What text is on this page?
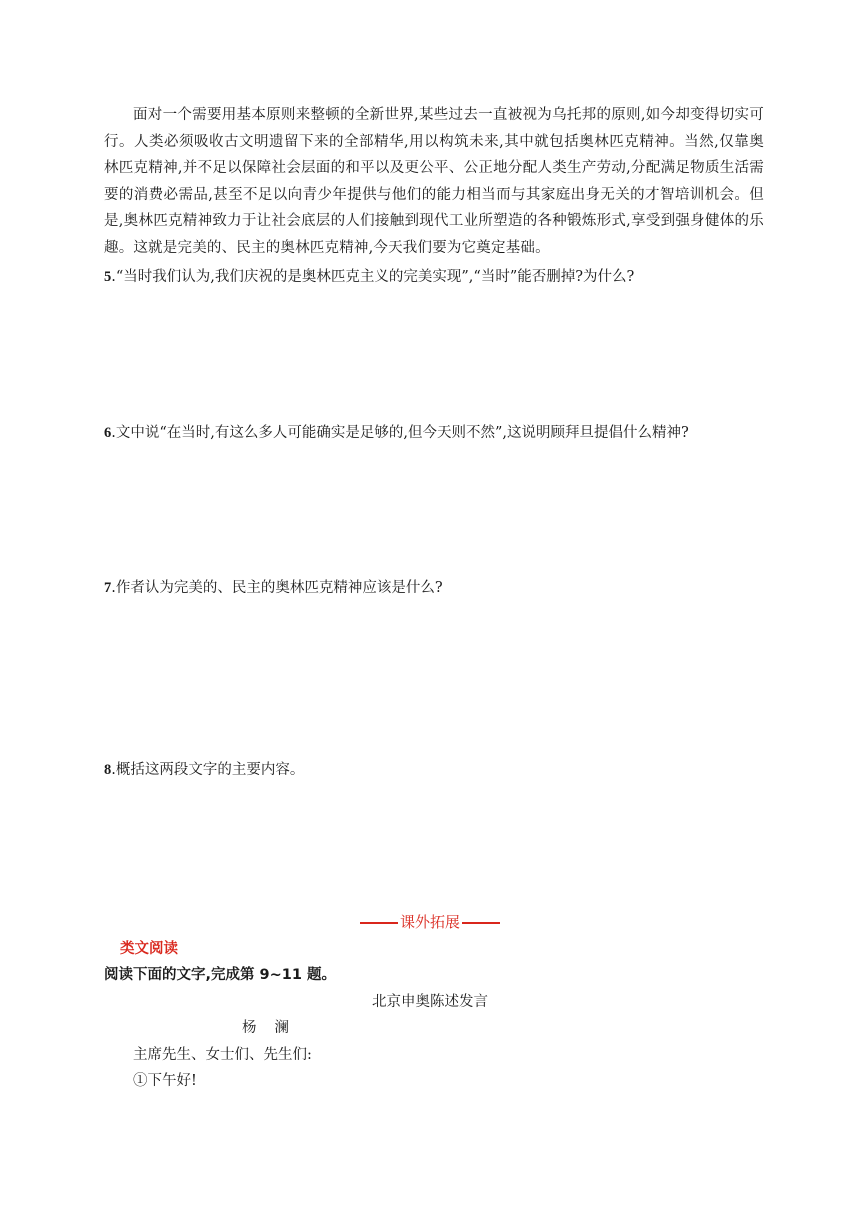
面对一个需要用基本原则来整顿的全新世界,某些过去一直被视为乌托邦的原则,如今却变得切实可行。人类必须吸收古文明遗留下来的全部精华,用以构筑未来,其中就包括奥林匹克精神。当然,仅靠奥林匹克精神,并不足以保障社会层面的和平以及更公平、公正地分配人类生产劳动,分配满足物质生活需要的消费必需品,甚至不足以向青少年提供与他们的能力相当而与其家庭出身无关的才智培训机会。但是,奥林匹克精神致力于让社会底层的人们接触到现代工业所塑造的各种锻炼形式,享受到强身健体的乐趣。这就是完美的、民主的奥林匹克精神,今天我们要为它奠定基础。
5.“当时我们认为,我们庆祝的是奥林匹克主义的完美实现”,“当时”能否删掉?为什么?
6.文中说“在当时,有这么多人可能确实是足够的,但今天则不然”,这说明顾拜旦提倡什么精神?
7.作者认为完美的、民主的奥林匹克精神应该是什么?
8.概括这两段文字的主要内容。
课外拓展
类文阅读
阅读下面的文字,完成第 9~11 题。
北京申奥陈述发言
杨澜
主席先生、女士们、先生们:
①下午好!
